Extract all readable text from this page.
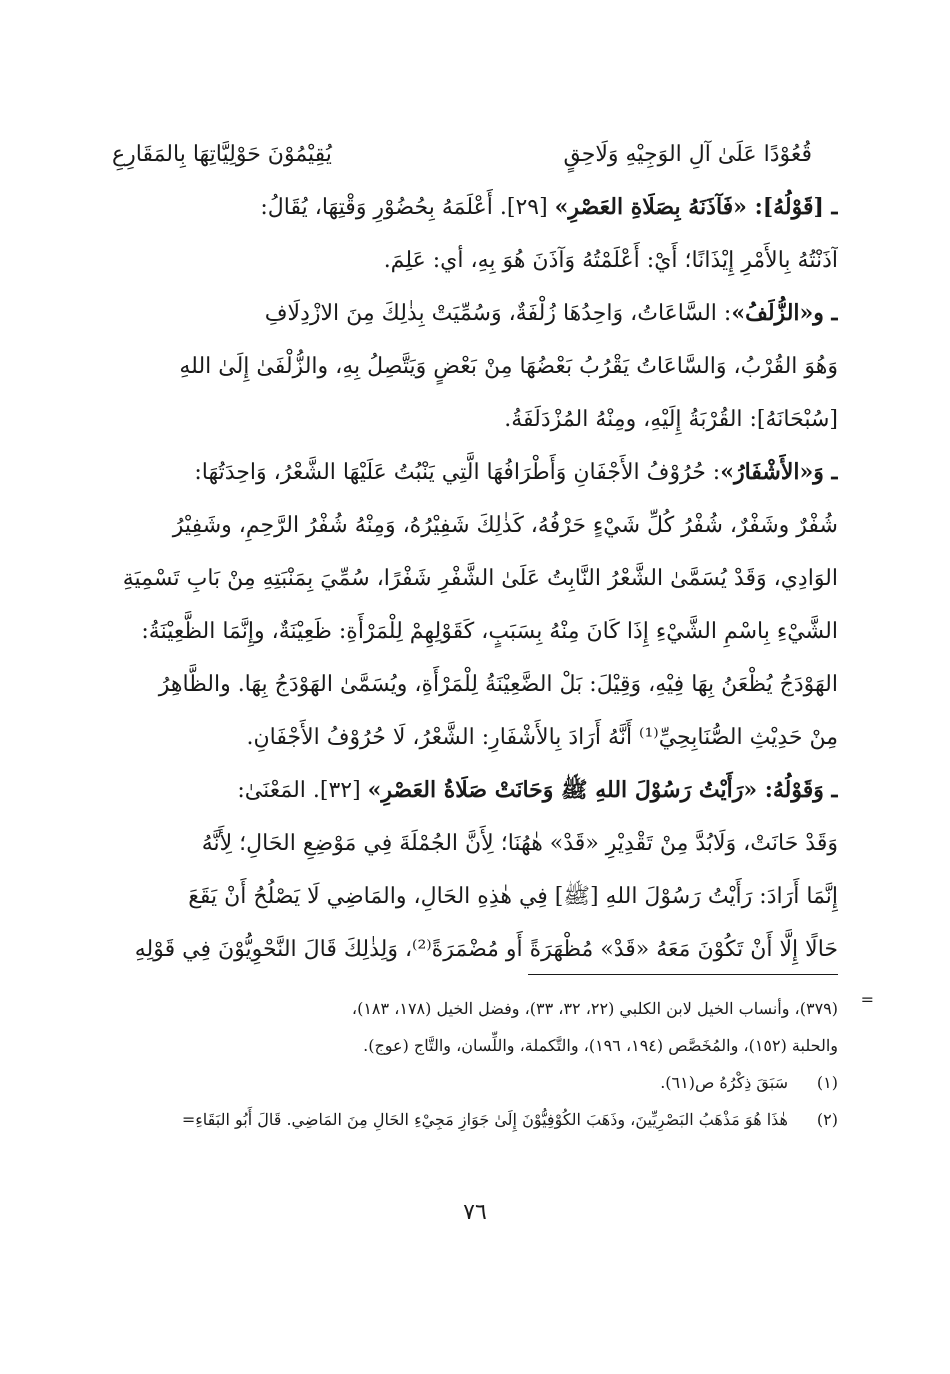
قُعُوْدًا عَلَىٰ آلِ الوَجِيْهِ وَلَاحِقٍ
يُقِيْمُوْنَ حَوْلِيَّاتِهَا بِالمَقَارِعِ
ـ [قَوْلُهُ]: «فَآذَنَهُ بِصَلَاةِ العَصْرِ» [٢٩]. أَعْلَمَهُ بِحُضُوْرِ وَقْتِهَا، يُقَالُ:
آذَنْتُهُ بِالأَمْرِ إِيْذَانًا؛ أَيْ: أَعْلَمْتُهُ وَآذَنَ هُوَ بِهِ، أي: عَلِمَ.
ـ و«الزُّلَفُ»: السَّاعَاتُ، وَاحِدُهَا زُلْفَةٌ، وَسُمِّيَتْ بِذٰلِكَ مِنَ الازْدِلَافِ
وَهُوَ القُرْبُ، وَالسَّاعَاتُ يَقْرُبُ بَعْضُهَا مِنْ بَعْضٍ وَيَتَّصِلُ بِهِ، والزُّلْفَىٰ إِلَىٰ اللهِ
[سُبْحَانَهُ]: القُرْبَةُ إِلَيْهِ، ومِنْهُ المُزْدَلَفَةُ.
ـ وَ«الأَشْفَارُ»: حُرُوْفُ الأَجْفَانِ وَأَطْرَافُهَا الَّتِي يَنْبُتُ عَلَيْهَا الشَّعْرُ، وَاحِدَتُهَا:
شُفْرٌ وشَفْرٌ، شُفْرُ كُلِّ شَيْءٍ حَرْفُهُ، كَذٰلِكَ شَفِيْرُهُ، وَمِنْهُ شُفْرُ الرَّحِمِ، وشَفِيْرُ
الوَادِي، وَقَدْ يُسَمَّىٰ الشَّعْرُ النَّابِتُ عَلَىٰ الشَّفْرِ شَفْرًا، سُمِّيَ بِمَنْبَتِهِ مِنْ بَابِ تَسْمِيَةِ
الشَّيْءِ بِاسْمِ الشَّيْءِ إِذَا كَانَ مِنْهُ بِسَبَبٍ، كَقَوْلِهِمْ لِلْمَرْأَةِ: ظَعِيْنَةٌ، وإِنَّمَا الظَّعِيْنَةُ:
الهَوْدَجُ يُظْعَنُ بِهَا فِيْهِ، وَقِيْلَ: بَلْ الضَّعِيْنَةُ لِلْمَرْأَةِ، ويُسَمَّىٰ الهَوْدَجُ بِهَا. والظَّاهِرُ
مِنْ حَدِيْثِ الصُّنَابِحِيِّ⁽¹⁾ أَنَّهُ أَرَادَ بِالأَشْفَارِ: الشَّعْرُ، لَا حُرُوْفُ الأَجْفَانِ.
ـ وَقَوْلُهُ: «رَأَيْتُ رَسُوْلَ اللهِ ﷺ وَحَانَتْ صَلَاةُ العَصْرِ» [٣٢]. المَعْنَىٰ:
وَقَدْ حَانَتْ، وَلَابُدَّ مِنْ تَقْدِيْرِ «قَدْ» هٰهُنَا؛ لِأَنَّ الجُمْلَةَ فِي مَوْضِعِ الحَالِ؛ لِأَنَّهُ
إِنَّمَا أَرَادَ: رَأَيْتُ رَسُوْلَ اللهِ [ﷺ] فِي هٰذِهِ الحَالِ، والمَاضِي لَا يَصْلُحُ أَنْ يَقَعَ
حَالًا إِلَّا أَنْ تَكُوْنَ مَعَهُ «قَدْ» مُظْهَرَةً أَو مُضْمَرَةً⁽²⁾، وَلِذٰلِكَ قَالَ النَّحْوِيُّوْنَ فِي قَوْلِهِ
=
(٣٧٩)، وأنساب الخيل لابن الكلبي (٢٢، ٣٢، ٣٣)، وفضل الخيل (١٧٨، ١٨٣)،
والحلبة (١٥٢)، والمُخَصَّص (١٩٤، ١٩٦)، والتَّكملة، واللِّسان، والتَّاج (عوج).
(١)سَبَقَ ذِكْرُهُ ص(٦١).
(٢)هٰذَا هُوَ مَذْهَبُ البَصْرِيِّينَ، وذَهَبَ الكُوْفِيُّوْنَ إِلَىٰ جَوَازِ مَجِيْءِ الحَالِ مِنَ المَاضِي. قَالَ أَبُو البَقَاءِ=
٧٦
